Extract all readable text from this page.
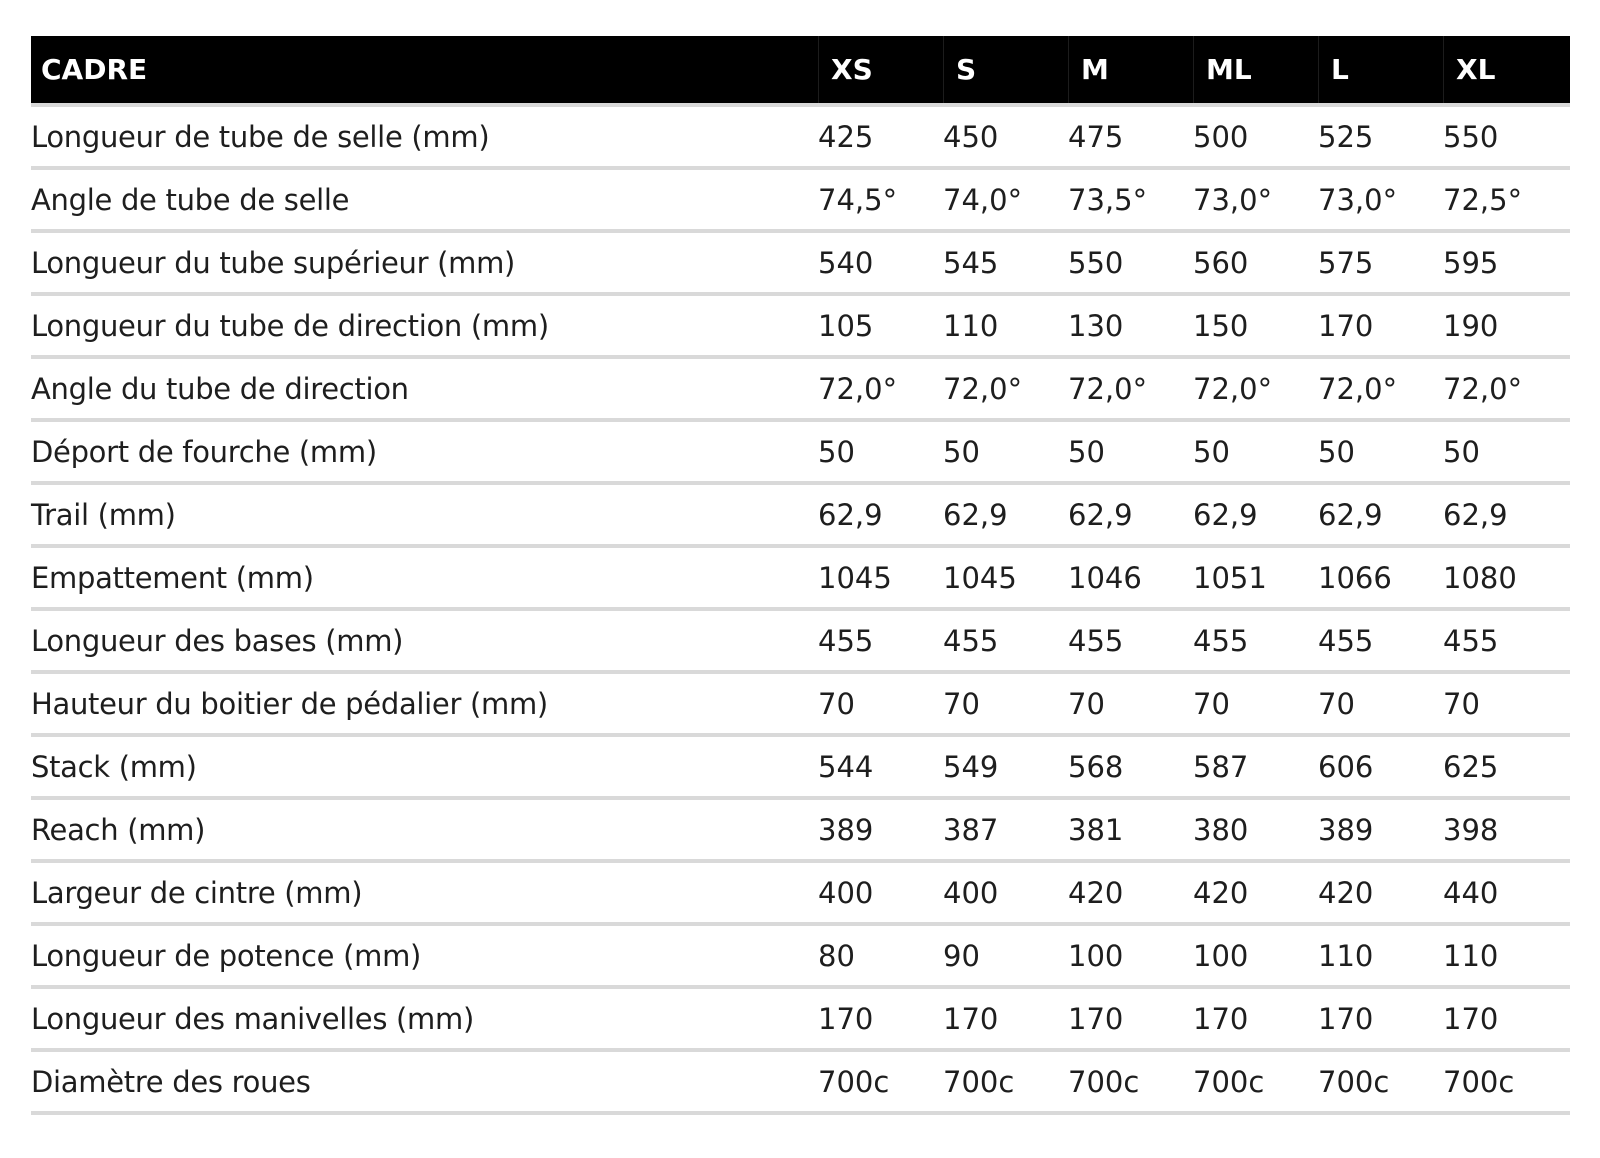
CADRE	XS	S	M	ML	L	XL
Longueur de tube de selle (mm)	425	450	475	500	525	550
Angle de tube de selle	74,5°	74,0°	73,5°	73,0°	73,0°	72,5°
Longueur du tube supérieur (mm)	540	545	550	560	575	595
Longueur du tube de direction (mm)	105	110	130	150	170	190
Angle du tube de direction	72,0°	72,0°	72,0°	72,0°	72,0°	72,0°
Déport de fourche (mm)	50	50	50	50	50	50
Trail (mm)	62,9	62,9	62,9	62,9	62,9	62,9
Empattement (mm)	1045	1045	1046	1051	1066	1080
Longueur des bases (mm)	455	455	455	455	455	455
Hauteur du boitier de pédalier (mm)	70	70	70	70	70	70
Stack (mm)	544	549	568	587	606	625
Reach (mm)	389	387	381	380	389	398
Largeur de cintre (mm)	400	400	420	420	420	440
Longueur de potence (mm)	80	90	100	100	110	110
Longueur des manivelles (mm)	170	170	170	170	170	170
Diamètre des roues	700c	700c	700c	700c	700c	700c
